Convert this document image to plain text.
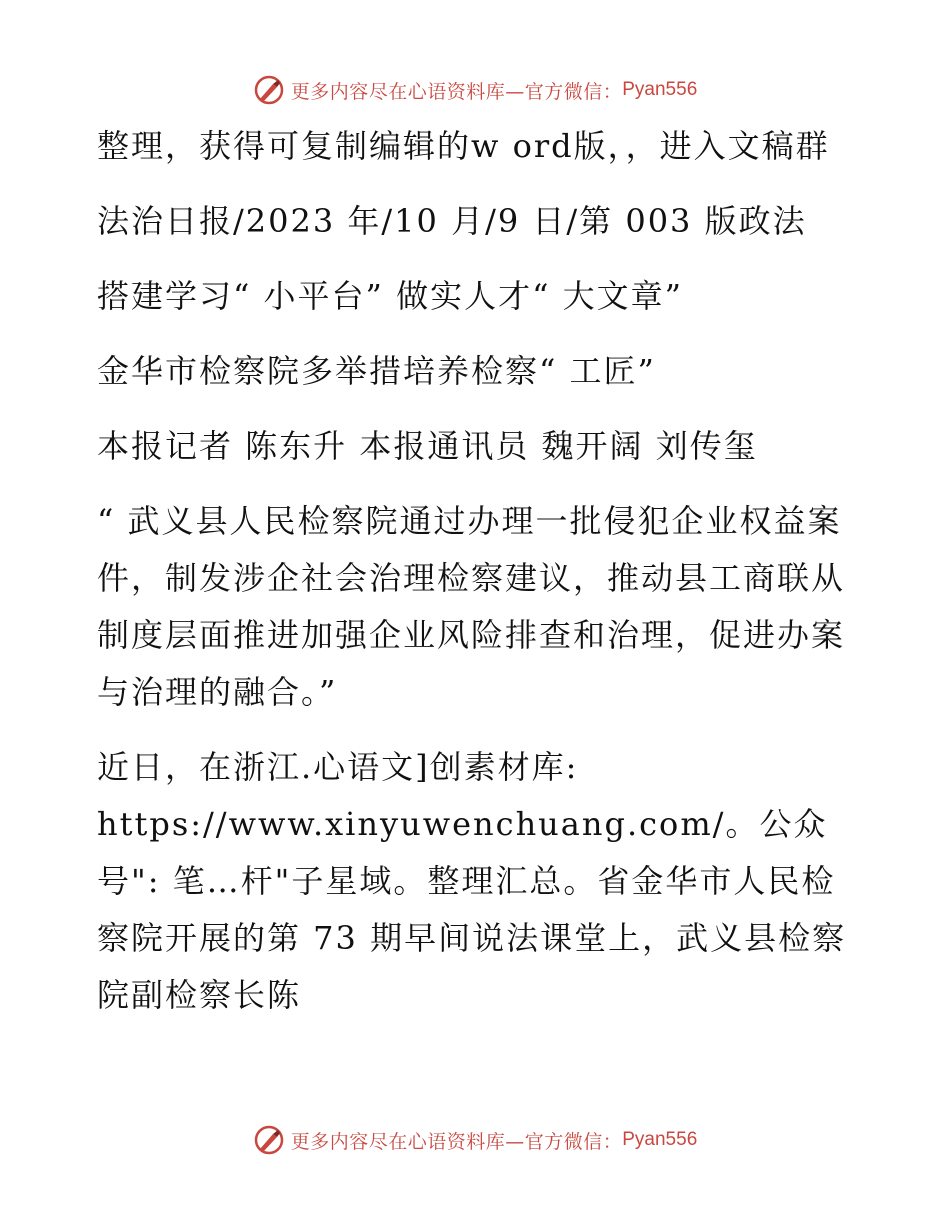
更多内容尽在心语资料库—官方微信： Pyan556

整理，获得可复制编辑的w ord版，，进入文稿群

法治日报/2023 年/10 月/9 日/第 003 版政法

搭建学习“ 小平台” 做实人才“ 大文章”

金华市检察院多举措培养检察“ 工匠”

本报记者 陈东升 本报通讯员 魏开阔 刘传玺

“ 武义县人民检察院通过办理一批侵犯企业权益案件，制发涉企社会治理检察建议，推动县工商联从制度层面推进加强企业风险排查和治理，促进办案与治理的融合。”

近日，在浙江.心语文]创素材库: https://www.xinyuwenchuang.com/。公众号": 笔…杆"子星域。整理汇总。省金华市人民检察院开展的第 73 期早间说法课堂上，武义县检察院副检察长陈

更多内容尽在心语资料库—官方微信： Pyan556
